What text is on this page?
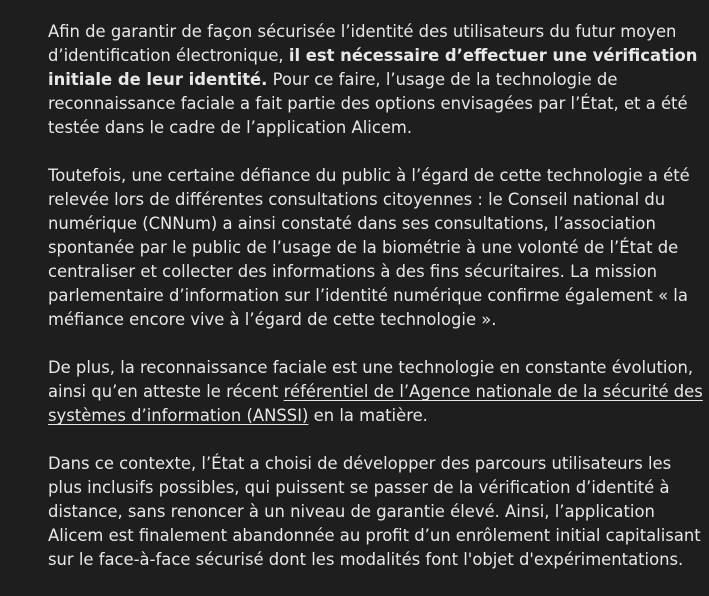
Afin de garantir de façon sécurisée l’identité des utilisateurs du futur moyen d’identification électronique, il est nécessaire d’effectuer une vérification initiale de leur identité. Pour ce faire, l’usage de la technologie de reconnaissance faciale a fait partie des options envisagées par l’État, et a été testée dans le cadre de l’application Alicem.

Toutefois, une certaine défiance du public à l’égard de cette technologie a été relevée lors de différentes consultations citoyennes : le Conseil national du numérique (CNNum) a ainsi constaté dans ses consultations, l’association spontanée par le public de l’usage de la biométrie à une volonté de l’État de centraliser et collecter des informations à des fins sécuritaires. La mission parlementaire d’information sur l’identité numérique confirme également « la méfiance encore vive à l’égard de cette technologie ».

De plus, la reconnaissance faciale est une technologie en constante évolution, ainsi qu’en atteste le récent référentiel de l’Agence nationale de la sécurité des systèmes d’information (ANSSI) en la matière.

Dans ce contexte, l’État a choisi de développer des parcours utilisateurs les plus inclusifs possibles, qui puissent se passer de la vérification d’identité à distance, sans renoncer à un niveau de garantie élevé. Ainsi, l’application Alicem est finalement abandonnée au profit d’un enrôlement initial capitalisant sur le face-à-face sécurisé dont les modalités font l'objet d'expérimentations.
